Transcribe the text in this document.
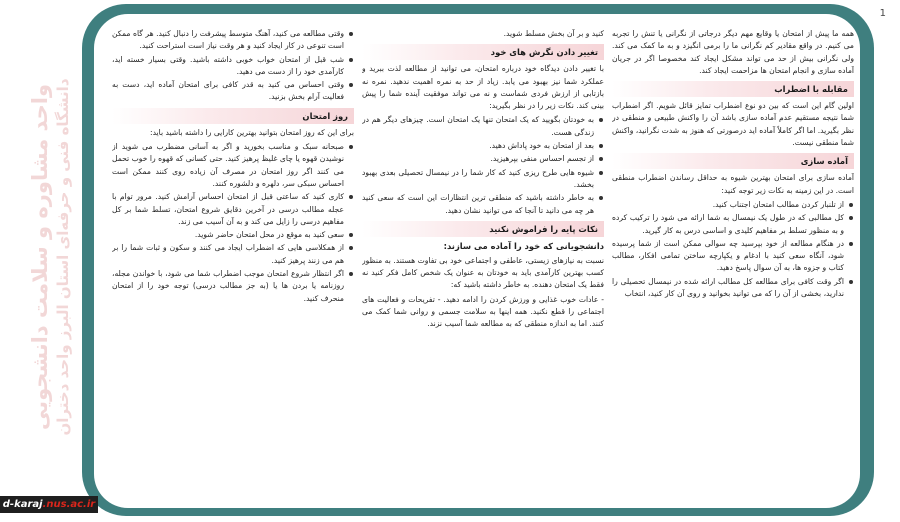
1
واحد مشاوره و سلامت دانشجویی دانشگاه فنی و حرفه‌ای استان البرز واحد دختران

همه ما پیش از امتحان یا وقایع مهم دیگر درجاتی از نگرانی یا تنش را تجربه می کنیم. در واقع مقادیر کم نگرانی ما را برمی انگیزد و به ما کمک می کند. ولی نگرانی بیش از حد می تواند مشکل ایجاد کند مخصوصا اگر در جریان آماده سازی و انجام امتحان ها مزاحمت ایجاد کند.

مقابله با اضطراب

اولین گام این است که بین دو نوع اضطراب تمایز قائل شویم. اگر اضطراب شما نتیجه مستقیم عدم آماده سازی باشد آن را واکنش طبیعی و منطقی در نظر بگیرید. اما اگر کاملاً آماده اید درصورتی که هنوز به شدت نگرانید، واکنش شما منطقی نیست.

آماده سازی

آماده سازی برای امتحان بهترین شیوه به حداقل رساندن اضطراب منطقی است. در این زمینه به نکات زیر توجه کنید:

از تلنبار کردن مطالب امتحان اجتناب کنید.
کل مطالبی که در طول یک نیمسال به شما ارائه می شود را ترکیب کرده و به منظور تسلط بر مفاهیم کلیدی و اساسی درس به کار گیرید.
در هنگام مطالعه از خود بپرسید چه سوالی ممکن است از شما پرسیده شود، آنگاه سعی کنید با ادغام و یکپارچه ساختن تمامی افکار، مطالب کتاب و جزوه ها، به آن سوال پاسخ دهید.
اگر وقت کافی برای مطالعه کل مطالب ارائه شده در نیمسال تحصیلی را ندارید، بخشی از آن را که می توانید بخوانید و روی آن کار کنید، انتخاب

کنید و بر آن بخش مسلط شوید.

تغییر دادن نگرش های خود

با تغییر دادن دیدگاه خود درباره امتحان، می توانید از مطالعه لذت ببرید و عملکرد شما نیز بهبود می یابد. زیاد از حد به نمره اهمیت ندهید. نمره نه بازتابی از ارزش فردی شماست و نه می تواند موفقیت آینده شما را پیش بینی کند. نکات زیر را در نظر بگیرید:

به خودتان بگویید که یک امتحان تنها یک امتحان است. چیزهای دیگر هم در زندگی هست.
بعد از امتحان به خود پاداش دهید.
از تجسم احساس منفی بپرهیزید.
شیوه هایی طرح ریزی کنید که کار شما را در نیمسال تحصیلی بعدی بهبود بخشد.
به خاطر داشته باشید که منطقی ترین انتظارات این است که سعی کنید هر چه می دانید تا آنجا که می توانید نشان دهید.
نکات پایه را فراموش نکنید

دانشجویانی که خود را آماده می سازند:

نسبت به نیازهای زیستی، عاطفی و اجتماعی خود بی تفاوت هستند. به منظور کسب بهترین کارآمدی باید به خودتان به عنوان یک شخص کامل فکر کنید نه فقط یک امتحان دهنده. به خاطر داشته باشید که:

- عادات خوب غذایی و ورزش کردن را ادامه دهید. - تفریحات و فعالیت های اجتماعی را قطع نکنید. همه اینها به سلامت جسمی و روانی شما کمک می کنند. اما به اندازه منطقی که به مطالعه شما آسیب نزند.

وقتی مطالعه می کنید، آهنگ متوسط پیشرفت را دنبال کنید. هر گاه ممکن است تنوعی در کار ایجاد کنید و هر وقت نیاز است استراحت کنید.
شب قبل از امتحان خواب خوبی داشته باشید. وقتی بسیار خسته اید، کارآمدی خود را از دست می دهید.
وقتی احساس می کنید به قدر کافی برای امتحان آماده اید، دست به فعالیت آرام بخش بزنید.
روز امتحان

برای این که روز امتحان بتوانید بهترین کارایی را داشته باشید باید:

صبحانه سبک و مناسب بخورید و اگر به آسانی مضطرب می شوید از نوشیدن قهوه یا چای غلیظ پرهیز کنید. حتی کسانی که قهوه را خوب تحمل می کنند اگر روز امتحان در مصرف آن زیاده روی کنند ممکن است احساس سبکی سر، دلهره و دلشوره کنند.
کاری کنید که ساعتی قبل از امتحان احساس آرامش کنید. مرور توام با عجله مطالب درسی در آخرین دقایق شروع امتحان، تسلط شما بر کل مفاهیم درسی را زایل می کند و به آن آسیب می زند.
سعی کنید به موقع در محل امتحان حاضر شوید.
از همکلاسی هایی که اضطراب ایجاد می کنند و سکون و ثبات شما را بر هم می زنند پرهیز کنید.
اگر انتظار شروع امتحان موجب اضطراب شما می شود، با خواندن مجله، روزنامه یا بردن ها یا (به جز مطالب درسی) توجه خود را از امتحان منحرف کنید.
d-karaj.nus.ac.ir
